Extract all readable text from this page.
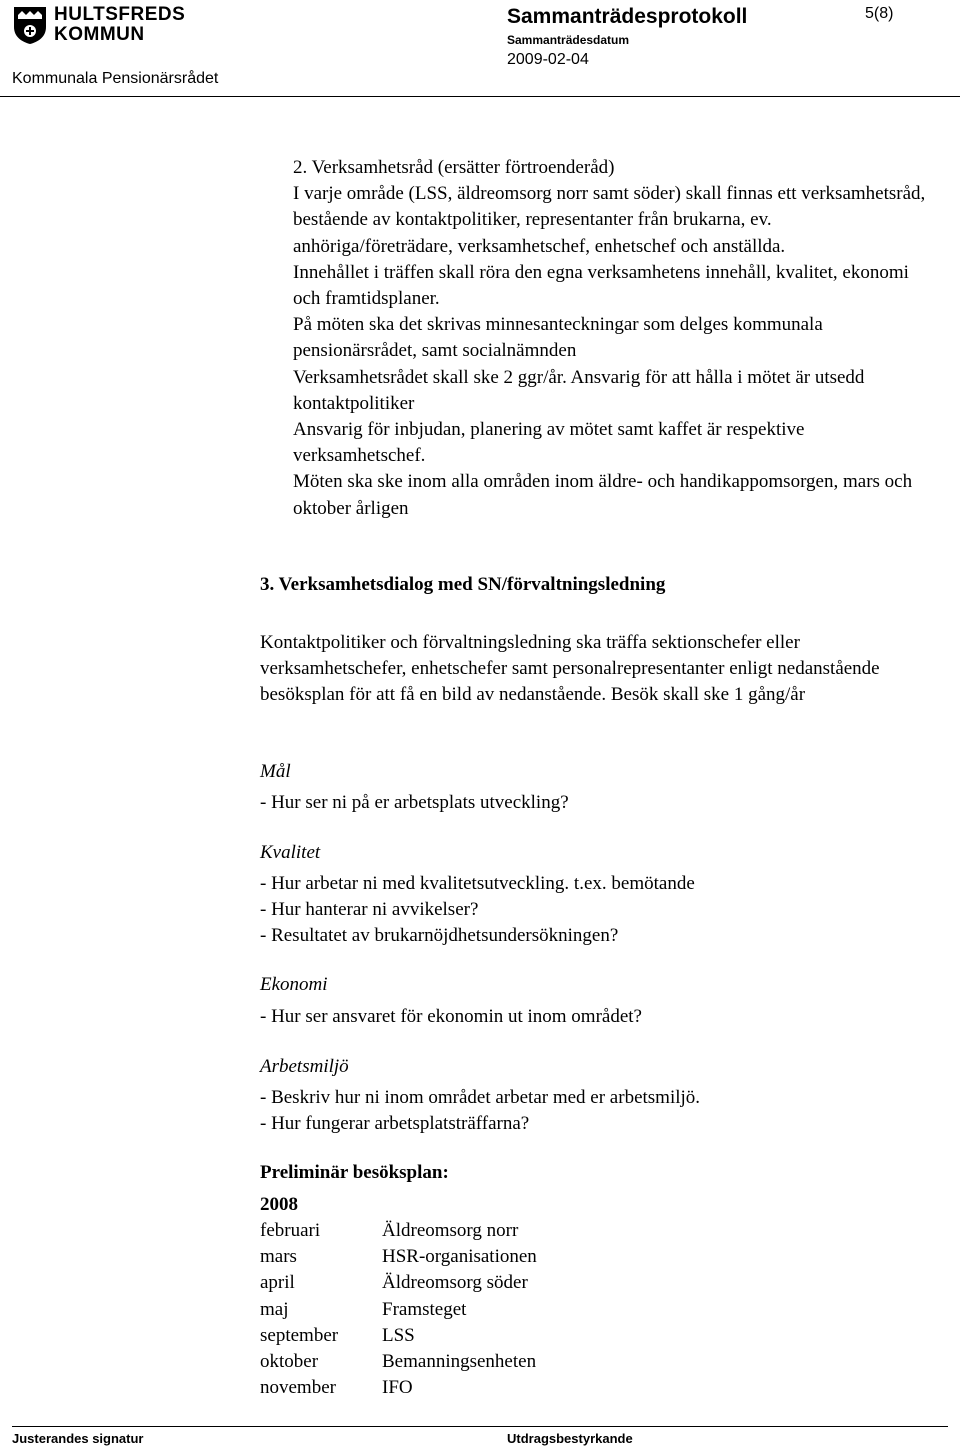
HULTSFREDS
KOMMUN
Kommunala Pensionärsrådet
Sammanträdesprotokoll	5(8)
Sammanträdesdatum
2009-02-04

2. Verksamhetsråd (ersätter förtroenderåd)

I varje område (LSS, äldreomsorg norr samt söder) skall finnas ett verksamhetsråd, bestående av kontaktpolitiker, representanter från brukarna, ev. anhöriga/företrädare, verksamhetschef, enhetschef och anställda.

Innehållet i träffen skall röra den egna verksamhetens innehåll, kvalitet, ekonomi och framtidsplaner.

På möten ska det skrivas minnesanteckningar som delges kommunala pensionärsrådet, samt socialnämnden

Verksamhetsrådet skall ske 2 ggr/år. Ansvarig för att hålla i mötet är utsedd kontaktpolitiker

Ansvarig för inbjudan, planering av mötet samt kaffet är respektive verksamhetschef.

Möten ska ske inom alla områden inom äldre- och handikappomsorgen, mars och oktober årligen

3. Verksamhetsdialog med SN/förvaltningsledning

Kontaktpolitiker och förvaltningsledning ska träffa sektionschefer eller verksamhetschefer, enhetschefer samt personalrepresentanter enligt nedanstående besöksplan för att få en bild av nedanstående. Besök skall ske 1 gång/år

Mål
- Hur ser ni på er arbetsplats utveckling?
Kvalitet
- Hur arbetar ni med kvalitetsutveckling. t.ex. bemötande
- Hur hanterar ni avvikelser?
- Resultatet av brukarnöjdhetsundersökningen?
Ekonomi
- Hur ser ansvaret för ekonomin ut inom området?
Arbetsmiljö
- Beskriv hur ni inom området arbetar med er arbetsmiljö.
- Hur fungerar arbetsplatsträffarna?
Preliminär besöksplan:
2008
februari	Äldreomsorg norr
mars	HSR-organisationen
april	Äldreomsorg söder
maj	Framsteget
september	LSS
oktober	Bemanningsenheten
november	IFO
Justerandes signatur	Utdragsbestyrkande
